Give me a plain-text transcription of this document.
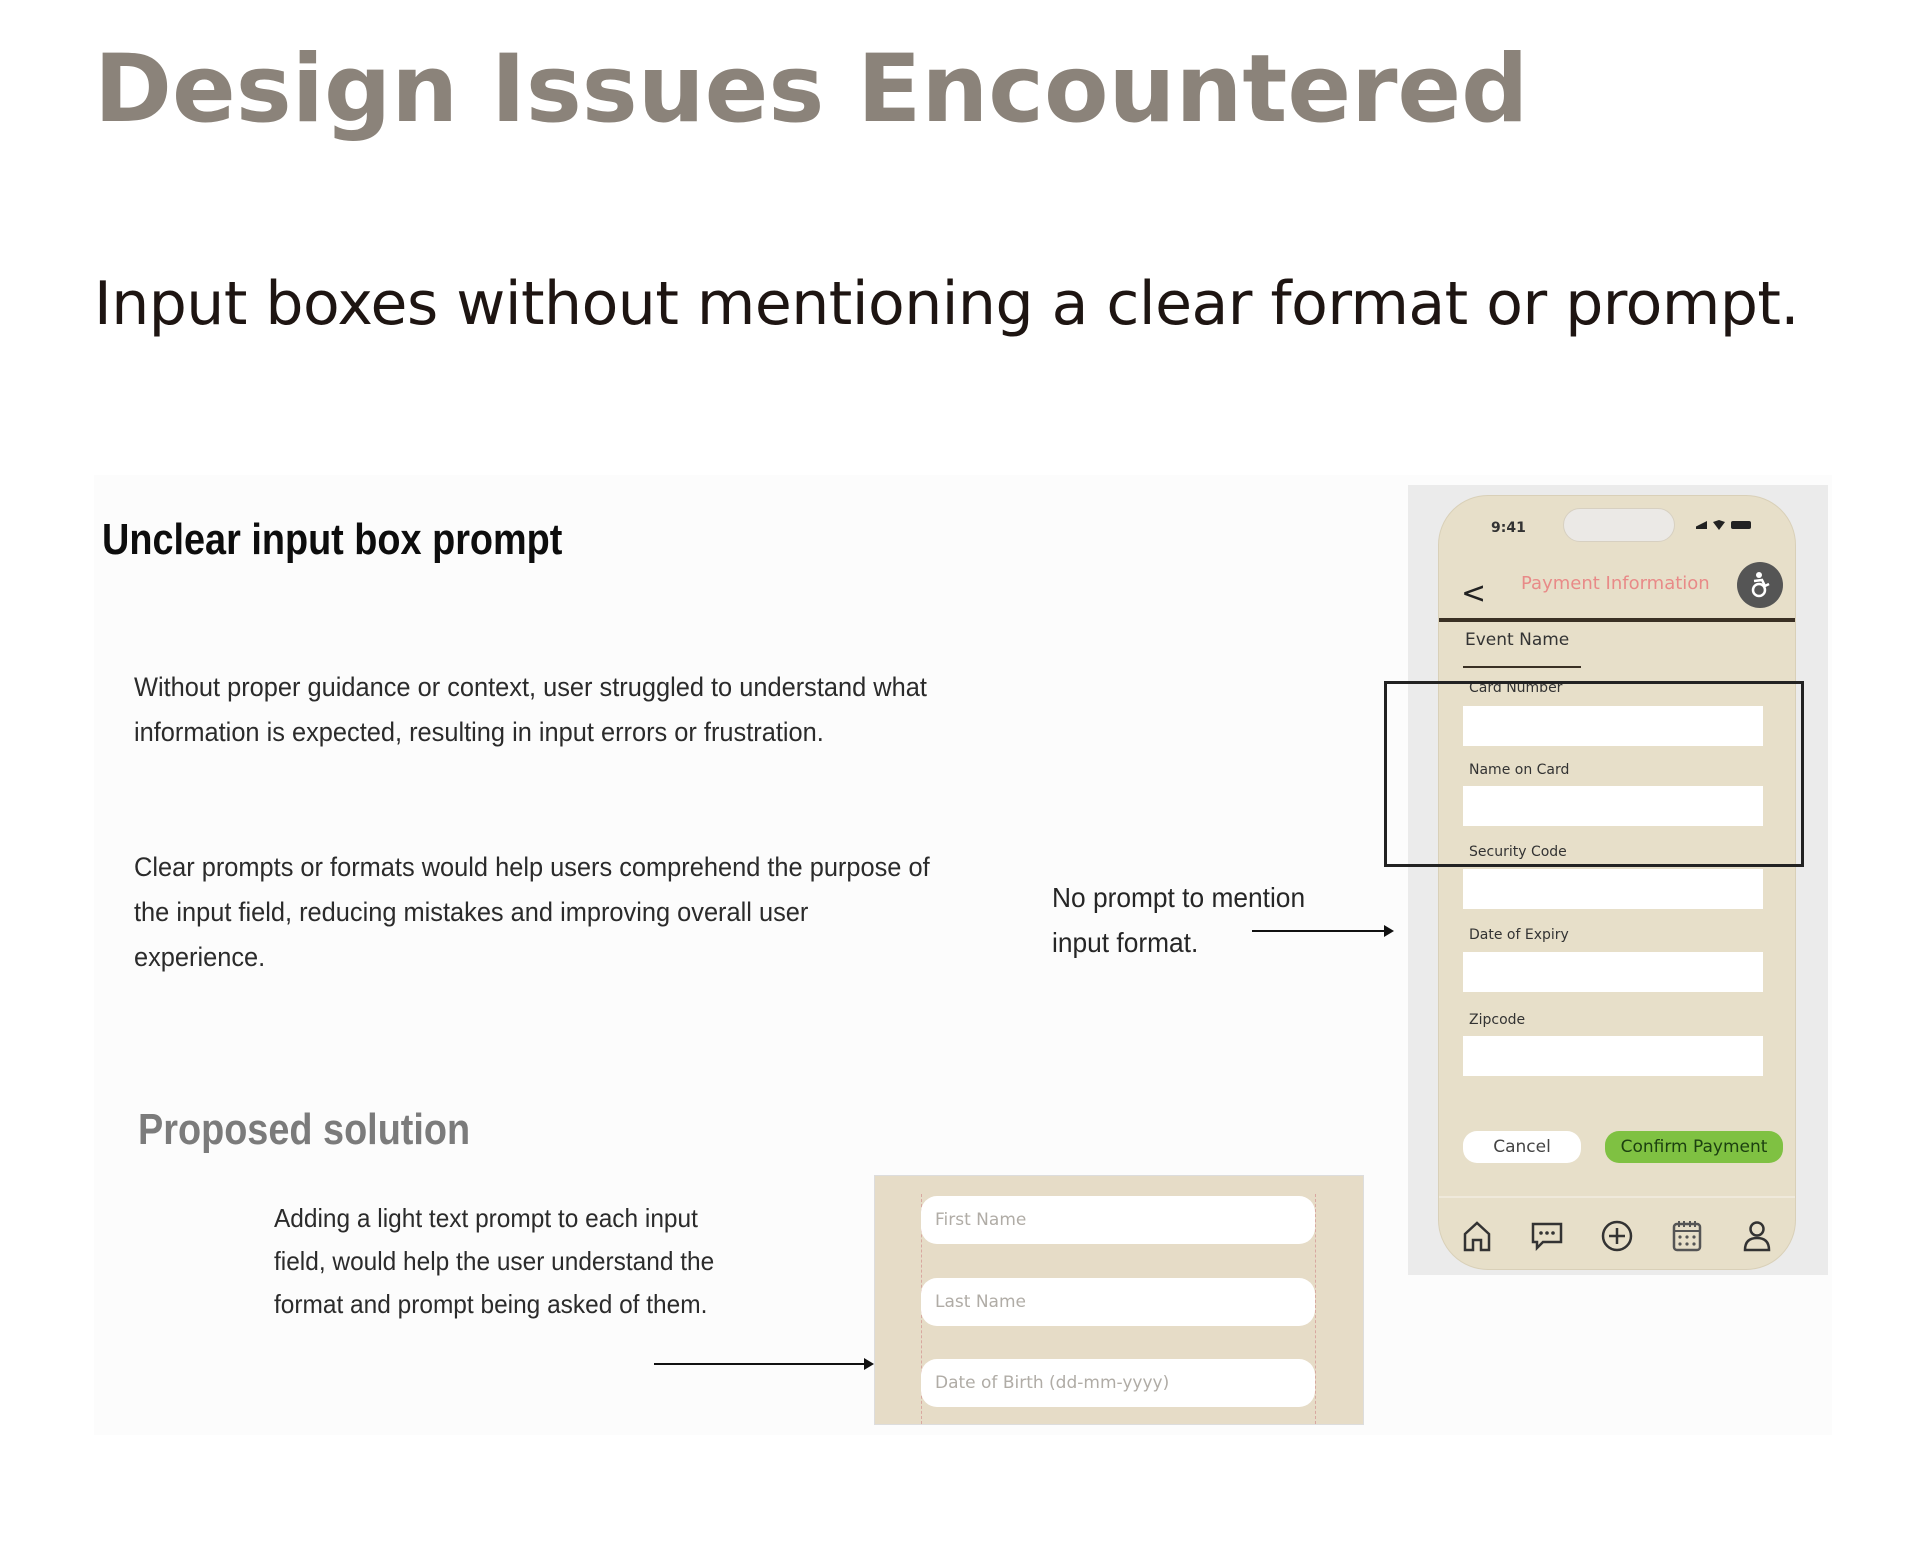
Design Issues Encountered
Input boxes without mentioning a clear format or prompt.
Unclear input box prompt

Without proper guidance or context, user struggled to understand what information is expected, resulting in input errors or frustration.

Clear prompts or formats would help users comprehend the purpose of the input field, reducing mistakes and improving overall user experience.

No prompt to mention input format.

Proposed solution

Adding a light text prompt to each input field, would help the user understand the format and prompt being asked of them.

First Name
Last Name
Date of Birth (dd-mm-yyyy)
9:41
< Payment Information
Event Name
Card Number
Name on Card
Security Code
Date of Expiry
Zipcode
Cancel	Confirm Payment
